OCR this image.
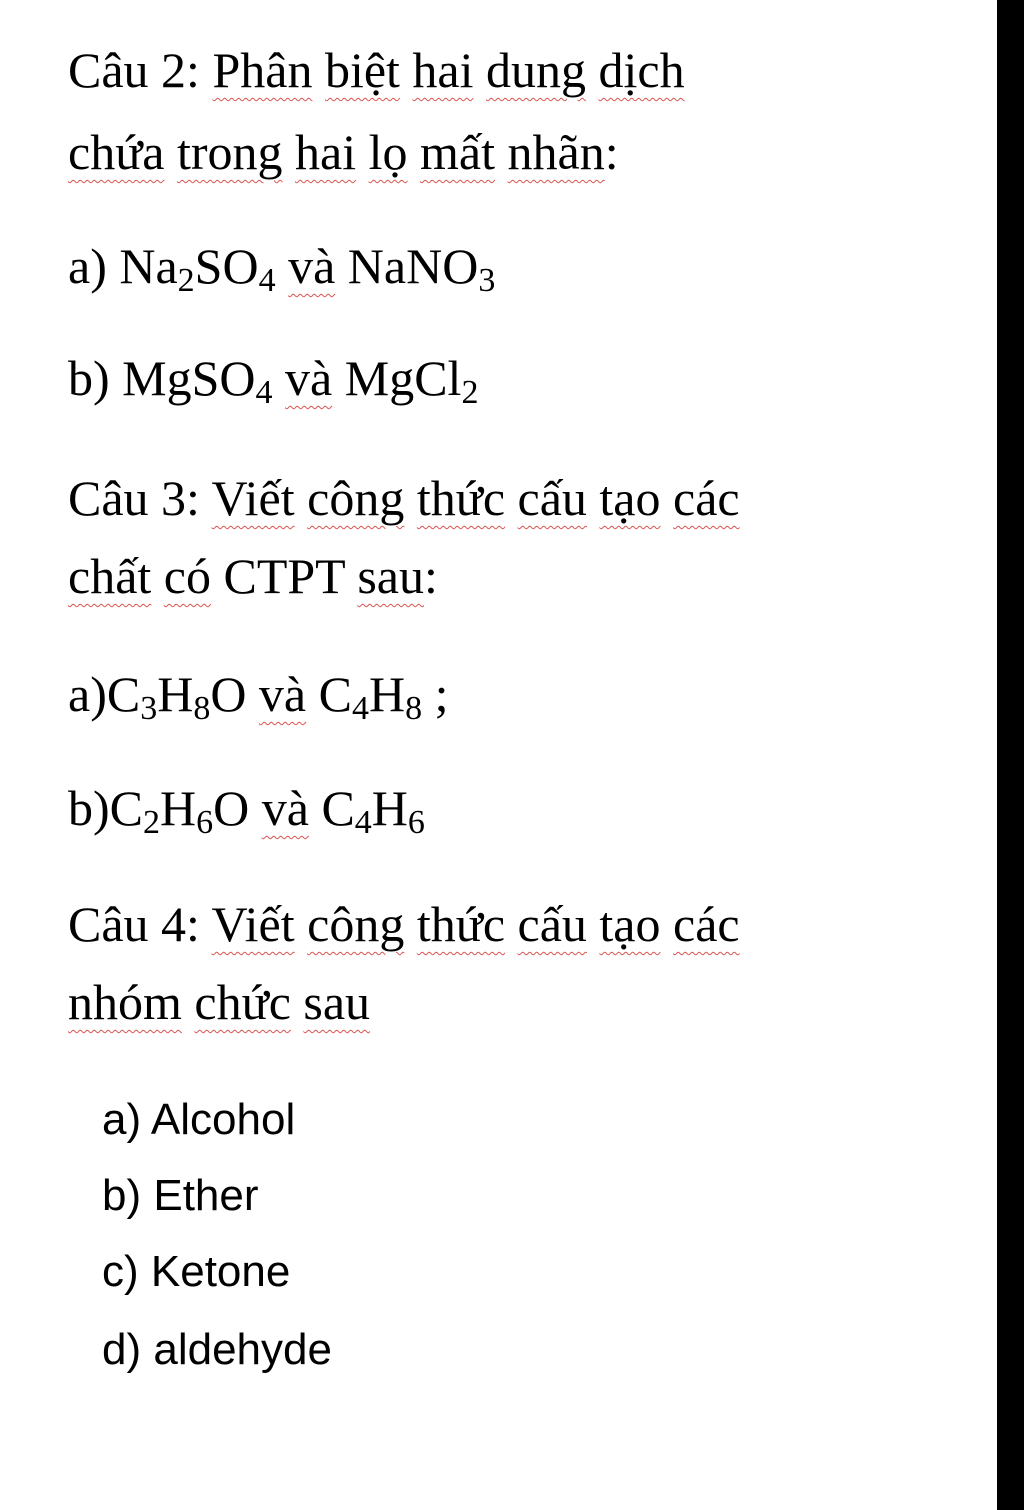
Câu 2: Phân biệt hai dung dịch
chứa trong hai lọ mất nhãn:
a) $Na_2SO_4$ và NaNO$_3$
b) MgSO$_4$ và MgCl$_2$
Câu 3: Viết công thức cấu tạo các
chất có CTPT sau:
$a)C_3H_8O$ và $C_4H_8$ ;
$b)C_2H_6O$ và $C_4H_6$
Câu 4: Viết công thức cấu tạo các
nhóm chức sau
a) Alcohol
b) Ether
c) Ketone
d) aldehyde
